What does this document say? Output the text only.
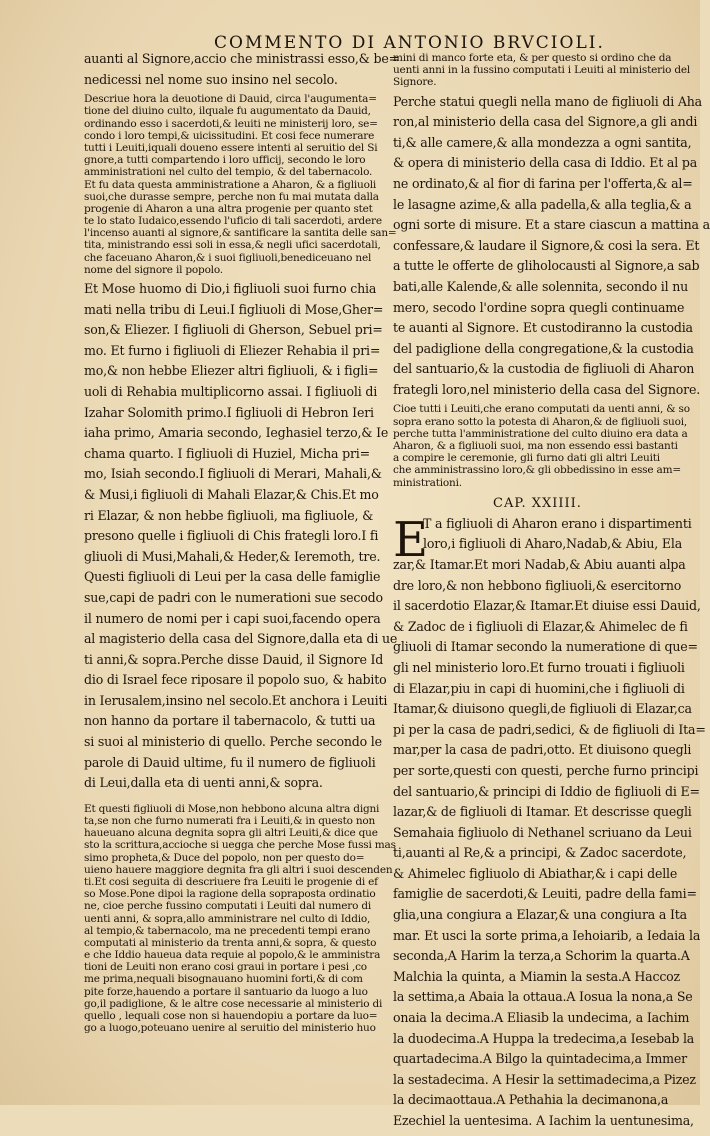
COMMENTO DI ANTONIO BRVCIOLI.
auanti al Signore,accio che ministrassi esso,& be=
nedicessi nel nome suo insino nel secolo.
Descriue hora la deuotione di Dauid, circa l'augumenta=
tione del diuino culto, ilquale fu augumentato da Dauid,
ordinando esso i sacerdoti,& leuiti ne ministerij loro, se=
condo i loro tempi,& uicissitudini. Et cosi fece numerare
tutti i Leuiti,iquali doueno essere intenti al seruitio del Si
gnore,a tutti compartendo i loro ufficij, secondo le loro
amministrationi nel culto del tempio, & del tabernacolo.
Et fu data questa amministratione a Aharon, & a figliuoli
suoi,che durasse sempre, perche non fu mai mutata dalla
progenie di Aharon a una altra progenie per quanto stet
te lo stato Iudaico,essendo l'uficio di tali sacerdoti, ardere
l'incenso auanti al signore,& santificare la santita delle san=
tita, ministrando essi soli in essa,& negli ufici sacerdotali,
che faceuano Aharon,& i suoi figliuoli,benediceuano nel
nome del signore il popolo.
Et Mose huomo di Dio,i figliuoli suoi furno chia
mati nella tribu di Leui.I figliuoli di Mose,Gher=
son,& Eliezer. I figliuoli di Gherson, Sebuel pri=
mo. Et furno i figliuoli di Eliezer Rehabia il pri=
mo,& non hebbe Eliezer altri figliuoli, & i figli=
uoli di Rehabia multiplicorno assai. I figliuoli di
Izahar Solomith primo.I figliuoli di Hebron Ieri
iaha primo, Amaria secondo, Ieghasiel terzo,& Ie
chama quarto. I figliuoli di Huziel, Micha pri=
mo, Isiah secondo.I figliuoli di Merari, Mahali,&
& Musi,i figliuoli di Mahali Elazar,& Chis.Et mo
ri Elazar, & non hebbe figliuoli, ma figliuole, &
presono quelle i figliuoli di Chis frategli loro.I fi
gliuoli di Musi,Mahali,& Heder,& Ieremoth, tre.
Questi figliuoli di Leui per la casa delle famiglie
sue,capi de padri con le numerationi sue secodo
il numero de nomi per i capi suoi,facendo opera
al magisterio della casa del Signore,dalla eta di ue
ti anni,& sopra.Perche disse Dauid, il Signore Id
dio di Israel fece riposare il popolo suo, & habito
in Ierusalem,insino nel secolo.Et anchora i Leuiti
non hanno da portare il tabernacolo, & tutti ua
si suoi al ministerio di quello. Perche secondo le
parole di Dauid ultime, fu il numero de figliuoli
di Leui,dalla eta di uenti anni,& sopra.
Et questi figliuoli di Mose,non hebbono alcuna altra digni
ta,se non che furno numerati fra i Leuiti,& in questo non
haueuano alcuna degnita sopra gli altri Leuiti,& dice que
sto la scrittura,accioche si uegga che perche Mose fussi mas
simo propheta,& Duce del popolo, non per questo do=
uieno hauere maggiore degnita fra gli altri i suoi descenden
ti.Et cosi seguita di descriuere fra Leuiti le progenie di ef
so Mose.Pone dipoi la ragione della sopraposta ordinatio
ne, cioe perche fussino computati i Leuiti dal numero di
uenti anni, & sopra,allo amministrare nel culto di Iddio,
al tempio,& tabernacolo, ma ne precedenti tempi erano
computati al ministerio da trenta anni,& sopra, & questo
e che Iddio haueua data requie al popolo,& le amministra
tioni de Leuiti non erano cosi graui in portare i pesi ,co
me prima,nequali bisognauano huomini forti,& di com
pite forze,hauendo a portare il santuario da luogo a luo
go,il padiglione, & le altre cose necessarie al ministerio di
quello , lequali cose non si hauendopiu a portare da luo=
go a luogo,poteuano uenire al seruitio del ministerio huo
mini di manco forte eta, & per questo si ordino che da
uenti anni in la fussino computati i Leuiti al ministerio del
Signore.
Perche statui quegli nella mano de figliuoli di Aha
ron,al ministerio della casa del Signore,a gli andi
ti,& alle camere,& alla mondezza a ogni santita,
& opera di ministerio della casa di Iddio. Et al pa
ne ordinato,& al fior di farina per l'offerta,& al=
le lasagne azime,& alla padella,& alla teglia,& a
ogni sorte di misure. Et a stare ciascun a mattina a
confessare,& laudare il Signore,& cosi la sera. Et
a tutte le offerte de gliholocausti al Signore,a sab
bati,alle Kalende,& alle solennita, secondo il nu
mero, secodo l'ordine sopra quegli continuame
te auanti al Signore. Et custodiranno la custodia
del padiglione della congregatione,& la custodia
del santuario,& la custodia de figliuoli di Aharon
frategli loro,nel ministerio della casa del Signore.
Cioe tutti i Leuiti,che erano computati da uenti anni, & so
sopra erano sotto la potesta di Aharon,& de figliuoli suoi,
perche tutta l'amministratione del culto diuino era data a
Aharon, & a figliuoli suoi, ma non essendo essi bastanti
a compire le ceremonie, gli furno dati gli altri Leuiti
che amministrassino loro,& gli obbedissino in esse am=
ministrationi.
CAP. XXIIII.
E
T a figliuoli di Aharon erano i dispartimenti
loro,i figliuoli di Aharo,Nadab,& Abiu, Ela
zar,& Itamar.Et mori Nadab,& Abiu auanti alpa
dre loro,& non hebbono figliuoli,& esercitorno
il sacerdotio Elazar,& Itamar.Et diuise essi Dauid,
& Zadoc de i figliuoli di Elazar,& Ahimelec de fi
gliuoli di Itamar secondo la numeratione di que=
gli nel ministerio loro.Et furno trouati i figliuoli
di Elazar,piu in capi di huomini,che i figliuoli di
Itamar,& diuisono quegli,de figliuoli di Elazar,ca
pi per la casa de padri,sedici, & de figliuoli di Ita=
mar,per la casa de padri,otto. Et diuisono quegli
per sorte,questi con questi, perche furno principi
del santuario,& principi di Iddio de figliuoli di E=
lazar,& de figliuoli di Itamar. Et descrisse quegli
Semahaia figliuolo di Nethanel scriuano da Leui
ti,auanti al Re,& a principi, & Zadoc sacerdote,
& Ahimelec figliuolo di Abiathar,& i capi delle
famiglie de sacerdoti,& Leuiti, padre della fami=
glia,una congiura a Elazar,& una congiura a Ita
mar. Et usci la sorte prima,a Iehoiarib, a Iedaia la
seconda,A Harim la terza,a Schorim la quarta.A
Malchia la quinta, a Miamin la sesta.A Haccoz
la settima,a Abaia la ottaua.A Iosua la nona,a Se
onaia la decima.A Eliasib la undecima, a Iachim
la duodecima.A Huppa la tredecima,a Iesebab la
quartadecima.A Bilgo la quintadecima,a Immer
la sestadecima. A Hesir la settimadecima,a Pizez
la decimaottaua.A Pethahia la decimanona,a
Ezechiel la uentesima. A Iachim la uentunesima,
